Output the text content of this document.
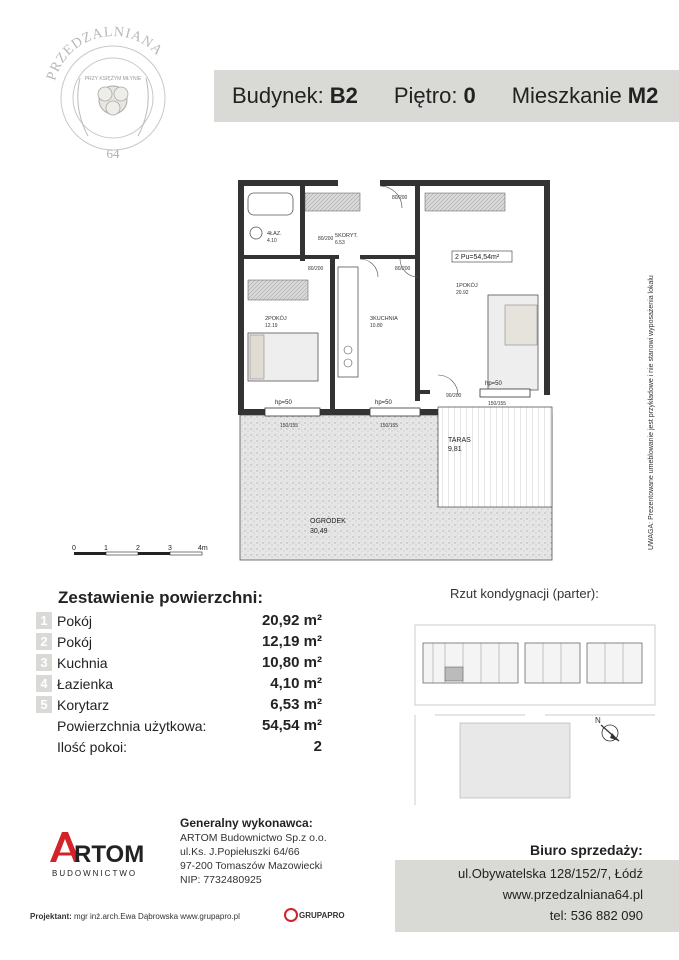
PRZEDZALNIANA
PRZY KSIĘŻYM MŁYNIE
64
Budynek: B2 Piętro: 0 Mieszkanie M2
4ŁAZ.
4.10
5KORYT.
6.53
2POKÓJ
12.19
3KUCHNIA
10.80
1POKÓJ
20.92
2 Pu=54,54m²
hp=50	hp=50
hp=50
TARAS
9,81
OGRÓDEK
30,49
80/200
80/200	80/200
80/200
90/200
150/155	150/155
150/155	UWAGA: Prezentowane umeblowanie jest przykładowe i nie stanowi wyposażenia lokalu
0	1	2	3	4m
Zestawienie powierzchni:
1 Pokój	20,92 m²
2 Pokój	12,19 m²
3 Kuchnia	10,80 m²
4 Łazienka	4,10 m²
5 Korytarz	6,53 m²
Powierzchnia użytkowa:	54,54 m²
Ilość pokoi:	2
Rzut kondygnacji (parter):
N
RTOM
BUDOWNICTWO
Generalny wykonawca:
ARTOM Budownictwo Sp.z o.o.
ul.Ks. J.Popiełuszki 64/66
97-200 Tomaszów Mazowiecki
NIP: 7732480925
Biuro sprzedaży:
ul.Obywatelska 128/152/7, Łódź
www.przedzalniana64.pl
tel: 536 882 090
Projektant: mgr inż.arch.Ewa Dąbrowska www.grupapro.pl	GRUPAPRO
